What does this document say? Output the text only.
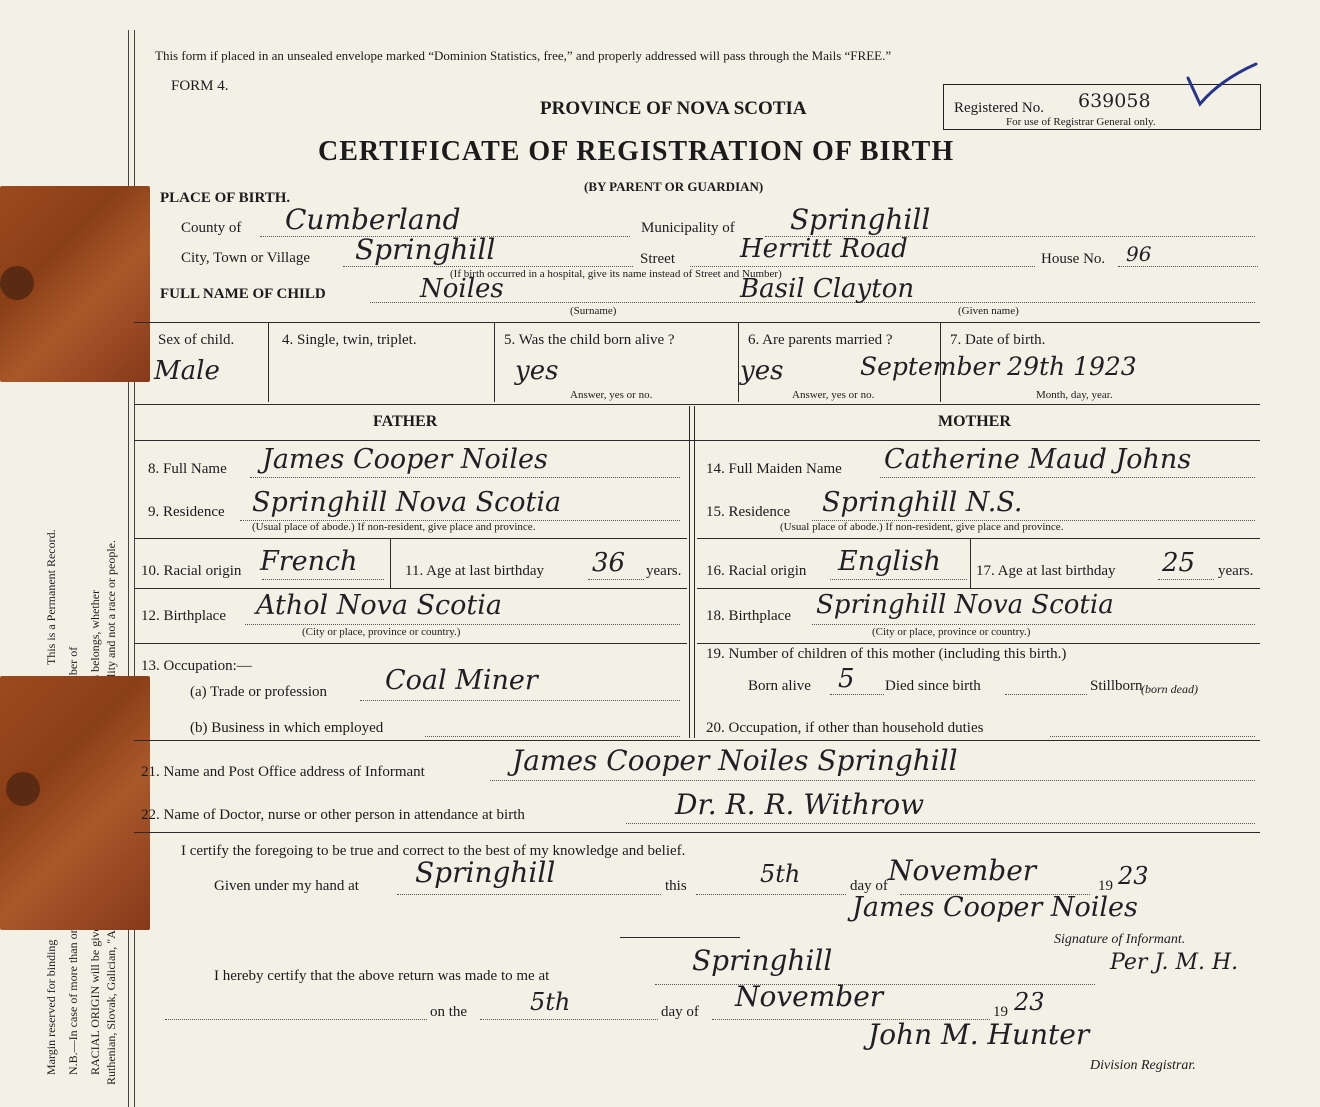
Margin reserved for binding
This is a Permanent Record.
This form if placed in an unsealed envelope marked “Dominion Statistics, free,” and properly addressed will pass through the Mails “FREE.”
FORM 4.
PROVINCE OF NOVA SCOTIA
CERTIFICATE OF REGISTRATION OF BIRTH
(BY PARENT OR GUARDIAN)
Registered No. 639058
For use of Registrar General only.
PLACE OF BIRTH.
County of Cumberland	Municipality of Springhill
City, Town or Village Springhill	Street	Herritt Road	House No. 96
(If birth occurred in a hospital, give its name instead of Street and Number)
FULL NAME OF CHILD	Noiles
(Surname)
Basil Clayton
(Given name)
Sex of child.
Male
4. Single, twin, triplet.	5. Was the child born alive ?
yes
Answer, yes or no.
6. Are parents married ?
yes
Answer, yes or no.
7. Date of birth.
September 29th 1923
Month, day, year.
FATHER	MOTHER
8. Full Name James Cooper Noiles
9. Residence Springhill Nova Scotia
(Usual place of abode.) If non-resident, give place and province.
10. Racial origin French	11. Age at last birthday 36 years.
12. Birthplace Athol Nova Scotia
(City or place, province or country.)
13. Occupation:—
(a) Trade or profession Coal Miner
(b) Business in which employed
14. Full Maiden Name Catherine Maud Johns
15. Residence Springhill N.S.
(Usual place of abode.) If non-resident, give place and province.
16. Racial origin English 17. Age at last birthday 25 years.
18. Birthplace Springhill Nova Scotia
(City or place, province or country.)
19. Number of children of this mother (including this birth.)
Born alive 5 Died since birth	Stillborn
(born dead)
20. Occupation, if other than household duties
21. Name and Post Office address of Informant	James Cooper Noiles Springhill
22. Name of Doctor, nurse or other person in attendance at birth	Dr. R. R. Withrow
I certify the foregoing to be true and correct to the best of my knowledge and belief.
Given under my hand at Springhill	this	5th	day of November	19 23
James Cooper Noiles
Signature of Informant.
I hereby certify that the above return was made to me at	Springhill	Per J. M. H.
on the	5th	day of November	19 23
John M. Hunter
Division Registrar.
